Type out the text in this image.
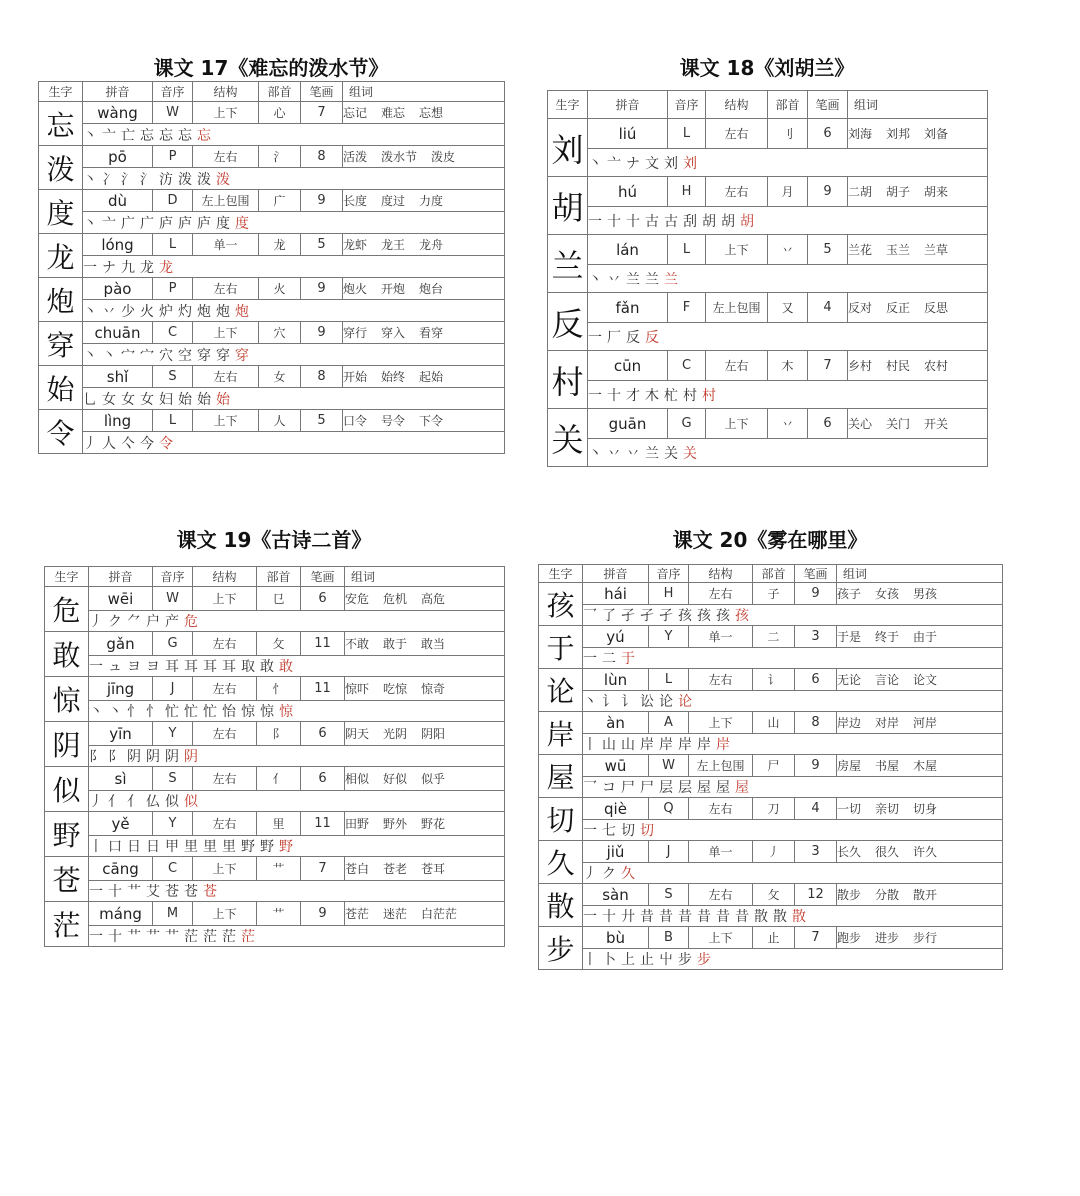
课文 17《难忘的泼水节》
生字	拼音	音序	结构	部首	笔画	组词
忘	wàng	W	上下	心	7	忘记 难忘 忘想
	丶 亠 亡 忘 忘 忘 忘					
泼	pō	P	左右	氵	8	活泼 泼水节 泼皮
	丶 冫 氵 氵 汸 泼 泼 泼					
度	dù	D	左上包围	广	9	长度 度过 力度
	丶 亠 广 广 庐 庐 庐 度 度					
龙	lóng	L	单一	龙	5	龙虾 龙王 龙舟
	一 ナ 九 龙 龙					
炮	pào	P	左右	火	9	炮火 开炮 炮台
	丶 丷 少 火 炉 灼 炮 炮 炮					
穿	chuān	C	上下	穴	9	穿行 穿入 看穿
	丶 丶 宀 宀 穴 空 穿 穿 穿					
始	shǐ	S	左右	女	8	开始 始终 起始
	乚 女 女 女 妇 始 始 始					
令	lìng	L	上下	人	5	口令 号令 下令
	丿 人 亽 今 令					
课文 18《刘胡兰》
生字	拼音	音序	结构	部首	笔画	组词
刘	liú	L	左右	刂	6	刘海 刘邦 刘备
	丶 亠 ナ 文 刘 刘					
胡	hú	H	左右	月	9	二胡 胡子 胡来
	一 十 十 古 古 刮 胡 胡 胡					
兰	lán	L	上下	丷	5	兰花 玉兰 兰草
	丶 丷 兰 兰 兰					
反	fǎn	F	左上包围	又	4	反对 反正 反思
	一 厂 反 反					
村	cūn	C	左右	木	7	乡村 村民 农村
	一 十 才 木 杧 村 村					
关	guān	G	上下	丷	6	关心 关门 开关
	丶 丷 丷 兰 关 关					
课文 19《古诗二首》
生字	拼音	音序	结构	部首	笔画	组词
危	wēi	W	上下	㔾	6	安危 危机 高危
	丿 ク ⺈ 户 产 危					
敢	gǎn	G	左右	攵	11	不敢 敢于 敢当
	一 ュ ヨ ヨ 耳 耳 耳 耳 取 敢 敢					
惊	jīng	J	左右	忄	11	惊吓 吃惊 惊奇
	丶 丶 忄 忄 忙 忙 忙 怡 惊 惊 惊					
阴	yīn	Y	左右	阝	6	阴天 光阴 阴阳
	阝 阝 阴 阴 阴 阴					
似	sì	S	左右	亻	6	相似 好似 似乎
	丿 亻 亻 仏 似 似					
野	yě	Y	左右	里	11	田野 野外 野花
	丨 口 日 日 甲 里 里 里 野 野 野					
苍	cāng	C	上下	艹	7	苍白 苍老 苍耳
	一 十 艹 艾 苍 苍 苍					
茫	máng	M	上下	艹	9	苍茫 迷茫 白茫茫
	一 十 艹 艹 艹 茫 茫 茫 茫					
课文 20《雾在哪里》
生字	拼音	音序	结构	部首	笔画	组词
孩	hái	H	左右	子	9	孩子 女孩 男孩
	乛 了 孑 孑 孑 孩 孩 孩 孩					
于	yú	Y	单一	二	3	于是 终于 由于
	一 二 于					
论	lùn	L	左右	讠	6	无论 言论 论文
	丶 讠 讠 讼 论 论					
岸	àn	A	上下	山	8	岸边 对岸 河岸
	丨 山 山 岸 岸 岸 岸 岸					
屋	wū	W	左上包围	尸	9	房屋 书屋 木屋
	乛 コ 尸 尸 层 层 屋 屋 屋					
切	qiè	Q	左右	刀	4	一切 亲切 切身
	一 七 切 切					
久	jiǔ	J	单一	丿	3	长久 很久 许久
	丿 ク 久					
散	sàn	S	左右	攵	12	散步 分散 散开
	一 十 廾 昔 昔 昔 昔 昔 昔 散 散 散					
步	bù	B	上下	止	7	跑步 进步 步行
	丨 卜 上 止 屮 步 步					
